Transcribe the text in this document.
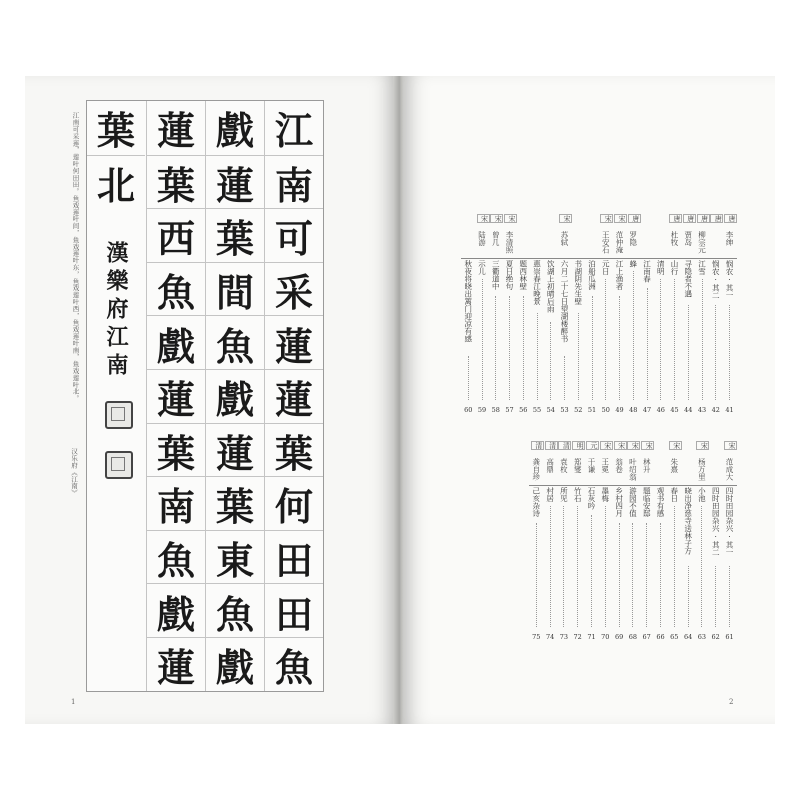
江南可采莲，莲叶何田田。鱼戏莲叶间，鱼戏莲叶东，鱼戏莲叶西，鱼戏莲叶南，鱼戏莲叶北。
汉乐府《江南》
江
南
可
采
蓮
蓮
葉
何
田
田
魚
戲
蓮
葉
間
魚
戲
蓮
葉
東
魚
戲
蓮
葉
西
魚
戲
蓮
葉
南
魚
戲
蓮
葉
北
漢樂府江南
1
唐
李绅
悯农·其一
41
唐
悯农·其二
42
唐
柳宗元
江雪
43
唐
贾岛
寻隐者不遇
44
唐
杜牧
山行
45
清明
46
江南春
47
唐
罗隐
蜂
48
宋
范仲淹
江上渔者
49
宋
王安石
元日
50
泊船瓜洲
51
书湖阴先生壁
52
宋
苏轼
六月二十七日望湖楼醉书
53
饮湖上初晴后雨
54
惠崇春江晚景
55
题西林壁
56
宋
李清照
夏日绝句
57
宋
曾几
三衢道中
58
宋
陆游
示儿
59
秋夜将晓出篱门迎凉有感
60
宋
范成大
四时田园杂兴·其一
61
四时田园杂兴·其二
62
宋
杨万里
小池
63
晓出净慈寺送林子方
64
宋
朱熹
春日
65
观书有感
66
宋
林升
题临安邸
67
宋
叶绍翁
游园不值
68
宋
翁卷
乡村四月
69
宋
王冕
墨梅
70
元
于谦
石灰吟
71
明
郑燮
竹石
72
清
袁枚
所见
73
清
高鼎
村居
74
清
龚自珍
己亥杂诗
75
2
